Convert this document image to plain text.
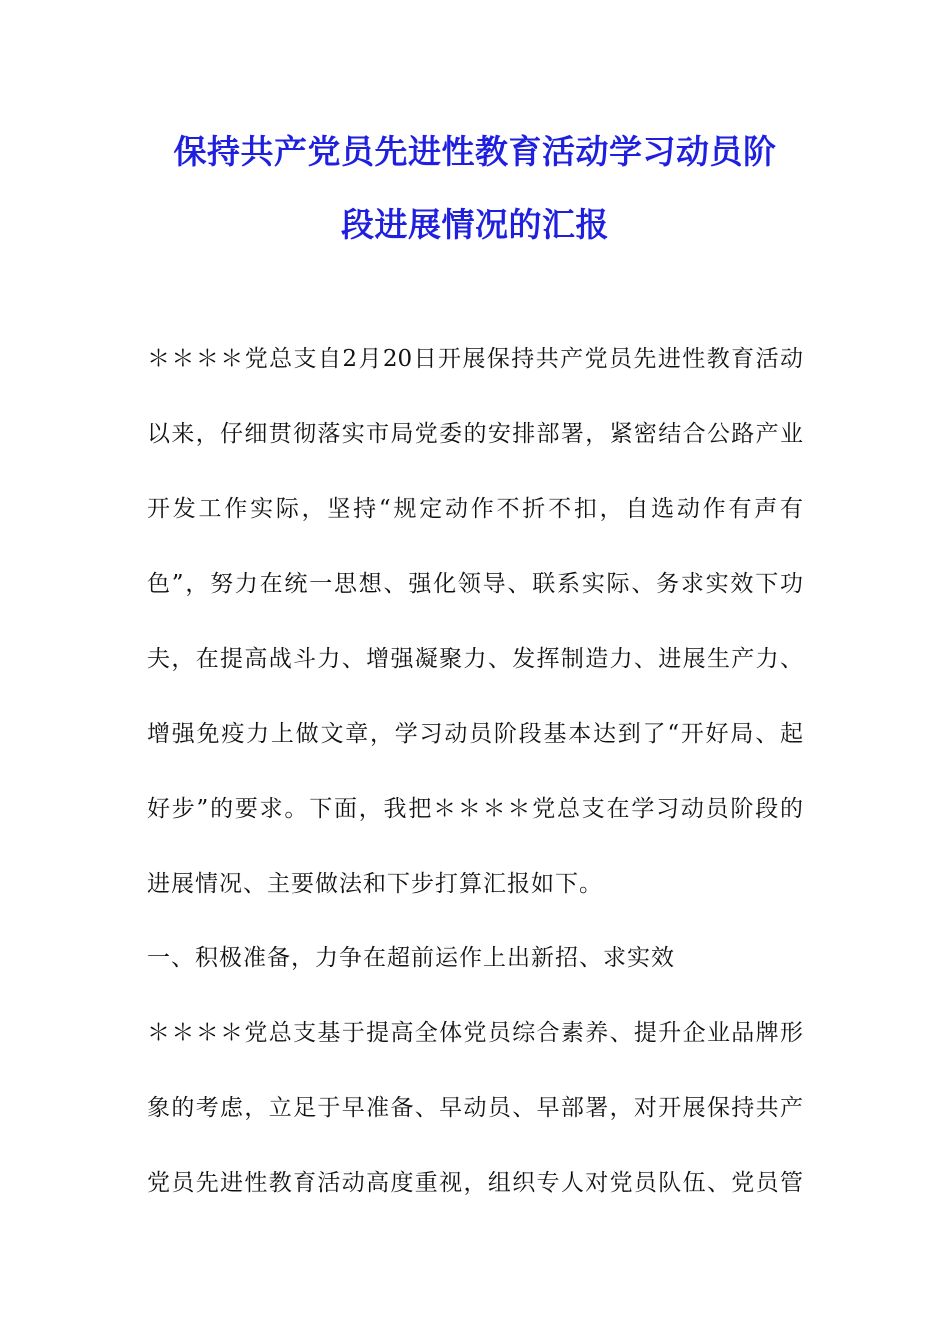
保持共产党员先进性教育活动学习动员阶
段进展情况的汇报

＊＊＊＊党总支自2月20日开展保持共产党员先进性教育活动

以来，仔细贯彻落实市局党委的安排部署，紧密结合公路产业

开发工作实际，坚持“规定动作不折不扣，自选动作有声有

色”，努力在统一思想、强化领导、联系实际、务求实效下功

夫，在提高战斗力、增强凝聚力、发挥制造力、进展生产力、

增强免疫力上做文章，学习动员阶段基本达到了“开好局、起

好步”的要求。下面，我把＊＊＊＊党总支在学习动员阶段的

进展情况、主要做法和下步打算汇报如下。

一、积极准备，力争在超前运作上出新招、求实效

＊＊＊＊党总支基于提高全体党员综合素养、提升企业品牌形

象的考虑，立足于早准备、早动员、早部署，对开展保持共产

党员先进性教育活动高度重视，组织专人对党员队伍、党员管
